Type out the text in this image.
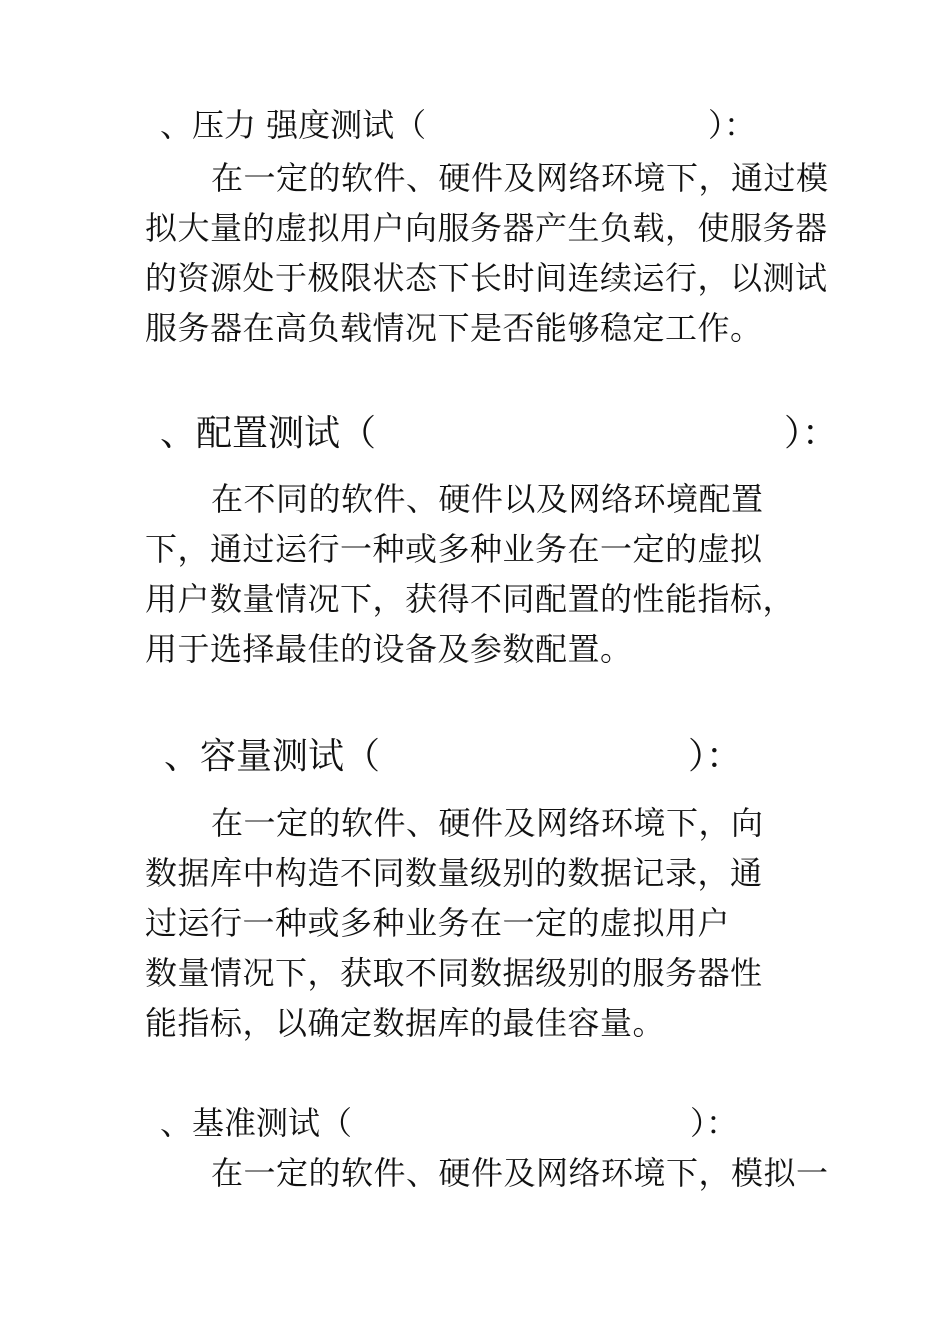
、压力 强度测试（	）：
在一定的软件、硬件及网络环境下，通过模
拟大量的虚拟用户向服务器产生负载，使服务器
的资源处于极限状态下长时间连续运行，以测试
服务器在高负载情况下是否能够稳定工作。
、配置测试（	）：
在不同的软件、硬件以及网络环境配置
下，通过运行一种或多种业务在一定的虚拟
用户数量情况下，获得不同配置的性能指标，
用于选择最佳的设备及参数配置。
、容量测试（	）：
在一定的软件、硬件及网络环境下，向
数据库中构造不同数量级别的数据记录，通
过运行一种或多种业务在一定的虚拟用户
数量情况下，获取不同数据级别的服务器性
能指标，以确定数据库的最佳容量。
、基准测试（	）：
在一定的软件、硬件及网络环境下，模拟一
